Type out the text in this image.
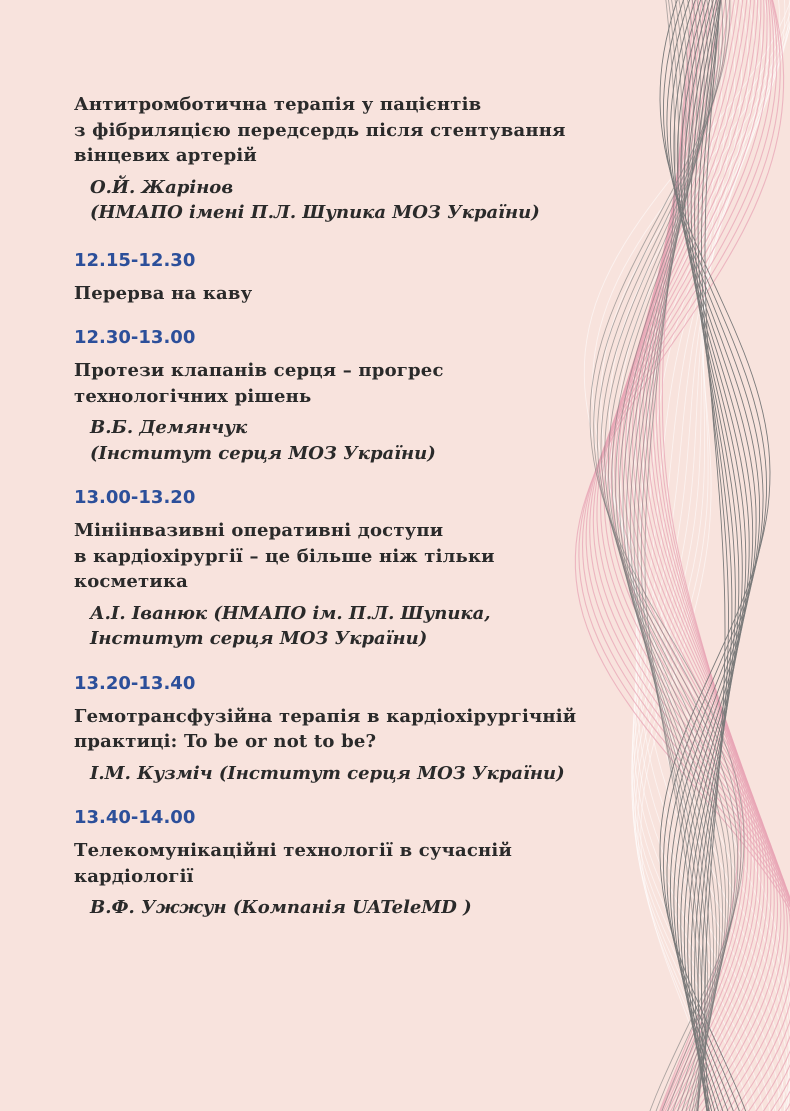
Антитромботична терапія у пацієнтів
з фібриляцією передсердь після стентування
вінцевих артерій
О.Й. Жарінов
(НМАПО імені П.Л. Шупика МОЗ України)
12.15-12.30
Перерва на каву
12.30-13.00
Протези клапанів серця – прогрес
технологічних рішень
В.Б. Демянчук
(Інститут серця МОЗ України)
13.00-13.20
Мініінвазивні оперативні доступи
в кардіохірургії – це більше ніж тільки
косметика
А.І. Іванюк (НМАПО ім. П.Л. Шупика,
Інститут серця МОЗ України)
13.20-13.40
Гемотрансфузійна терапія в кардіохірургічній
практиці: To be or not to be?
І.М. Кузміч (Інститут серця МОЗ України)
13.40-14.00
Телекомунікаційні технології в сучасній
кардіології
В.Ф. Ужжун (Компанія UATeleMD )
